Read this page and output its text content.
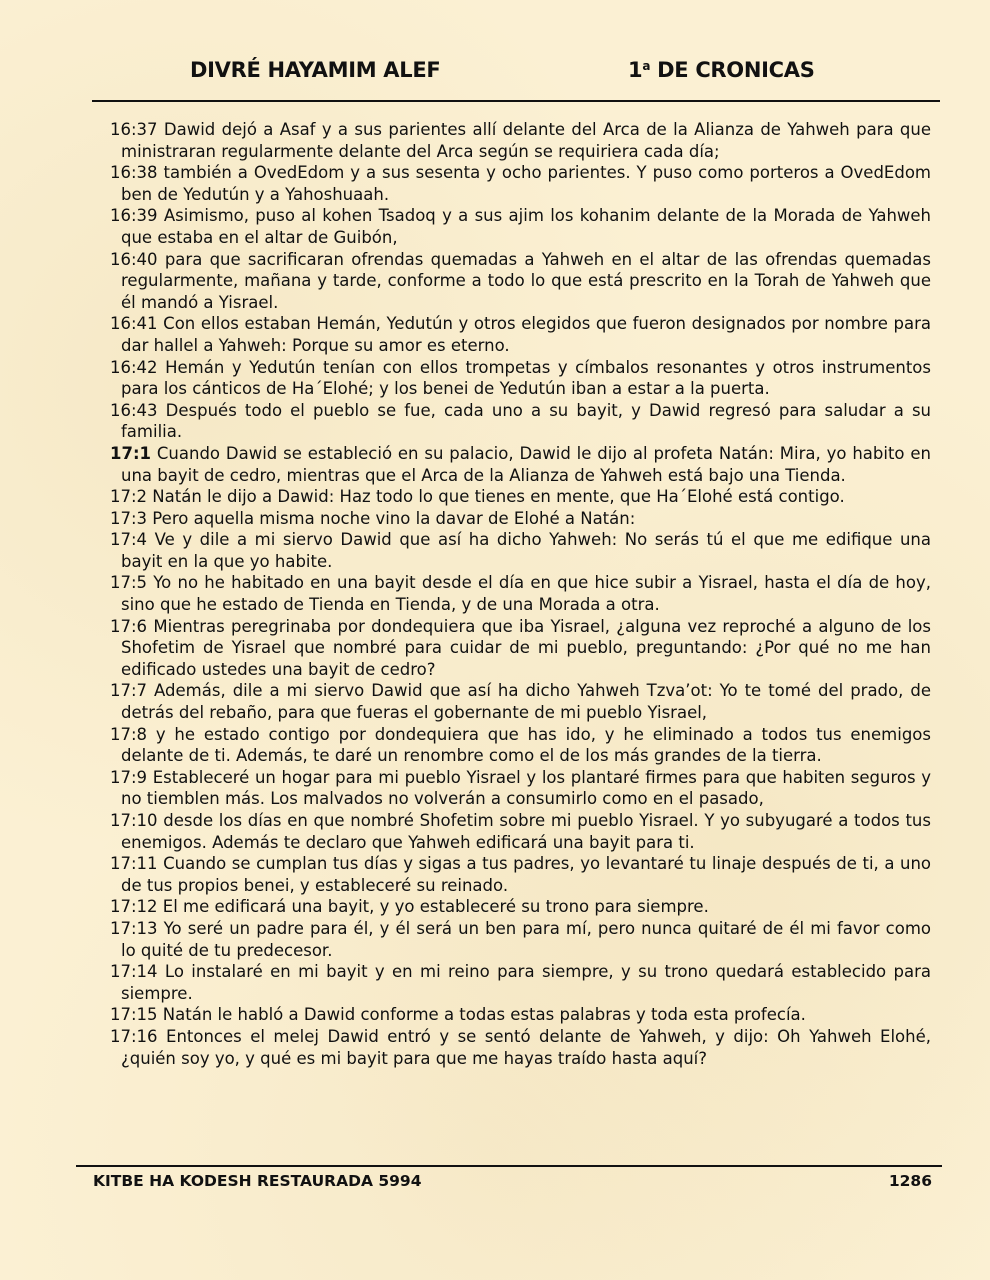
DIVRÉ HAYAMIM ALEF	1$^a$ DE CRONICAS

16:37 Dawid dejó a Asaf y a sus parientes allí delante del Arca de la Alianza de Yahweh para que ministraran regularmente delante del Arca según se requiriera cada día;

16:38 también a OvedEdom y a sus sesenta y ocho parientes. Y puso como porteros a OvedEdom ben de Yedutún y a Yahoshuaah.

16:39 Asimismo, puso al kohen Tsadoq y a sus ajim los kohanim delante de la Morada de Yahweh que estaba en el altar de Guibón,

16:40 para que sacrificaran ofrendas quemadas a Yahweh en el altar de las ofrendas quemadas regularmente, mañana y tarde, conforme a todo lo que está prescrito en la Torah de Yahweh que él mandó a Yisrael.

16:41 Con ellos estaban Hemán, Yedutún y otros elegidos que fueron designados por nombre para dar hallel a Yahweh: Porque su amor es eterno.

16:42 Hemán y Yedutún tenían con ellos trompetas y címbalos resonantes y otros instrumentos para los cánticos de Ha´Elohé; y los benei de Yedutún iban a estar a la puerta.

16:43 Después todo el pueblo se fue, cada uno a su bayit, y Dawid regresó para saludar a su familia.

17:1 Cuando Dawid se estableció en su palacio, Dawid le dijo al profeta Natán: Mira, yo habito en una bayit de cedro, mientras que el Arca de la Alianza de Yahweh está bajo una Tienda.

17:2 Natán le dijo a Dawid: Haz todo lo que tienes en mente, que Ha´Elohé está contigo.

17:3 Pero aquella misma noche vino la davar de Elohé a Natán:

17:4 Ve y dile a mi siervo Dawid que así ha dicho Yahweh: No serás tú el que me edifique una bayit en la que yo habite.

17:5 Yo no he habitado en una bayit desde el día en que hice subir a Yisrael, hasta el día de hoy, sino que he estado de Tienda en Tienda, y de una Morada a otra.

17:6 Mientras peregrinaba por dondequiera que iba Yisrael, ¿alguna vez reproché a alguno de los Shofetim de Yisrael que nombré para cuidar de mi pueblo, preguntando: ¿Por qué no me han edificado ustedes una bayit de cedro?

17:7 Además, dile a mi siervo Dawid que así ha dicho Yahweh Tzva’ot: Yo te tomé del prado, de detrás del rebaño, para que fueras el gobernante de mi pueblo Yisrael,

17:8 y he estado contigo por dondequiera que has ido, y he eliminado a todos tus enemigos delante de ti. Además, te daré un renombre como el de los más grandes de la tierra.

17:9 Estableceré un hogar para mi pueblo Yisrael y los plantaré firmes para que habiten seguros y no tiemblen más. Los malvados no volverán a consumirlo como en el pasado,

17:10 desde los días en que nombré Shofetim sobre mi pueblo Yisrael. Y yo subyugaré a todos tus enemigos. Además te declaro que Yahweh edificará una bayit para ti.

17:11 Cuando se cumplan tus días y sigas a tus padres, yo levantaré tu linaje después de ti, a uno de tus propios benei, y estableceré su reinado.

17:12 El me edificará una bayit, y yo estableceré su trono para siempre.

17:13 Yo seré un padre para él, y él será un ben para mí, pero nunca quitaré de él mi favor como lo quité de tu predecesor.

17:14 Lo instalaré en mi bayit y en mi reino para siempre, y su trono quedará establecido para siempre.

17:15 Natán le habló a Dawid conforme a todas estas palabras y toda esta profecía.

17:16 Entonces el melej Dawid entró y se sentó delante de Yahweh, y dijo: Oh Yahweh Elohé, ¿quién soy yo, y qué es mi bayit para que me hayas traído hasta aquí?

KITBE HA KODESH RESTAURADA 5994	1286
